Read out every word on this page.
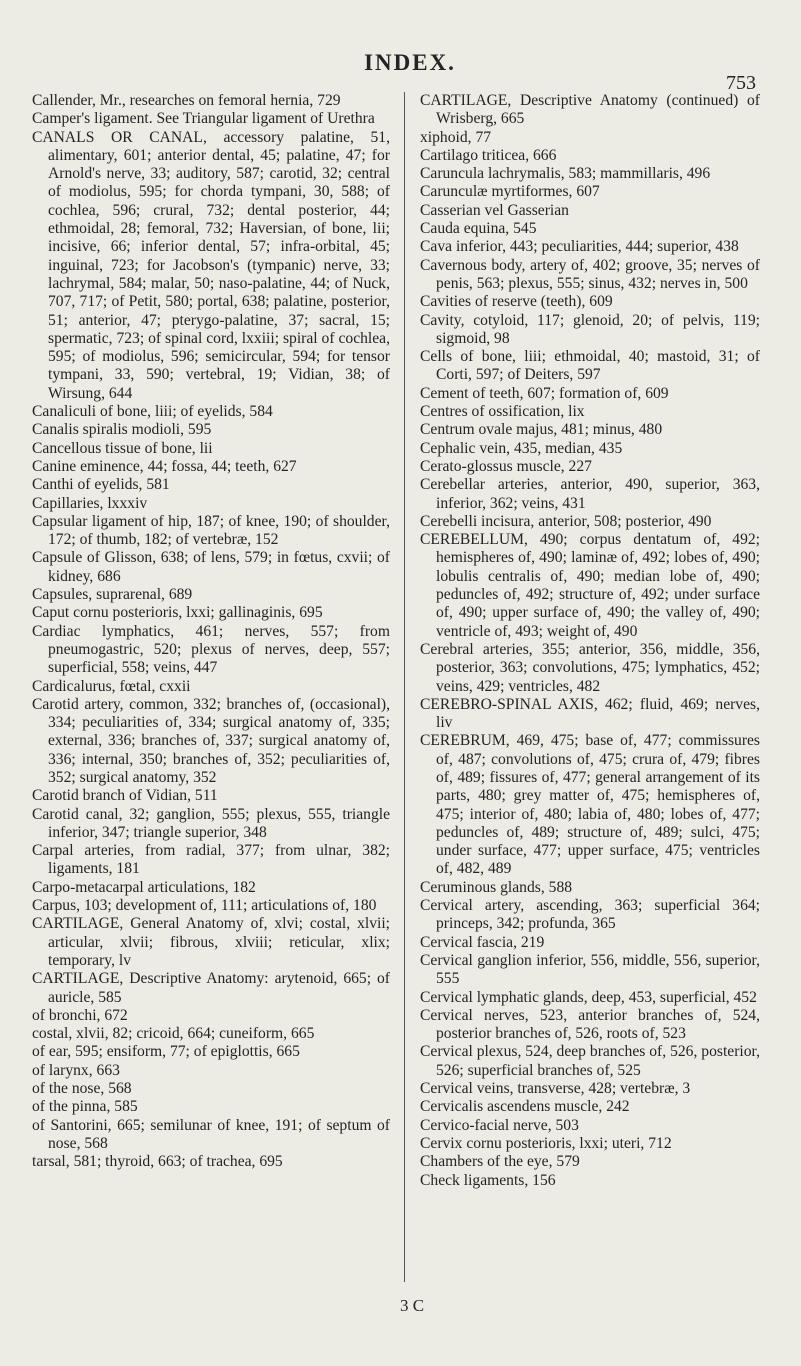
INDEX.
753

Callender, Mr., researches on femoral hernia, 729

Camper's ligament. See Triangular ligament of Urethra

CANALS OR CANAL, accessory palatine, 51, alimentary, 601; anterior dental, 45; palatine, 47; for Arnold's nerve, 33; auditory, 587; carotid, 32; central of modiolus, 595; for chorda tympani, 30, 588; of cochlea, 596; crural, 732; dental posterior, 44; ethmoidal, 28; femoral, 732; Haversian, of bone, lii; incisive, 66; inferior dental, 57; infra-orbital, 45; inguinal, 723; for Jacobson's (tympanic) nerve, 33; lachrymal, 584; malar, 50; naso-palatine, 44; of Nuck, 707, 717; of Petit, 580; portal, 638; palatine, posterior, 51; anterior, 47; pterygo-palatine, 37; sacral, 15; spermatic, 723; of spinal cord, lxxiii; spiral of cochlea, 595; of modiolus, 596; semicircular, 594; for tensor tympani, 33, 590; vertebral, 19; Vidian, 38; of Wirsung, 644

Canaliculi of bone, liii; of eyelids, 584

Canalis spiralis modioli, 595

Cancellous tissue of bone, lii

Canine eminence, 44; fossa, 44; teeth, 627

Canthi of eyelids, 581

Capillaries, lxxxiv

Capsular ligament of hip, 187; of knee, 190; of shoulder, 172; of thumb, 182; of vertebræ, 152

Capsule of Glisson, 638; of lens, 579; in fœtus, cxvii; of kidney, 686

Capsules, suprarenal, 689

Caput cornu posterioris, lxxi; gallinaginis, 695

Cardiac lymphatics, 461; nerves, 557; from pneumogastric, 520; plexus of nerves, deep, 557; superficial, 558; veins, 447

Cardicalurus, fœtal, cxxii

Carotid artery, common, 332; branches of, (occasional), 334; peculiarities of, 334; surgical anatomy of, 335; external, 336; branches of, 337; surgical anatomy of, 336; internal, 350; branches of, 352; peculiarities of, 352; surgical anatomy, 352

Carotid branch of Vidian, 511

Carotid canal, 32; ganglion, 555; plexus, 555, triangle inferior, 347; triangle superior, 348

Carpal arteries, from radial, 377; from ulnar, 382; ligaments, 181

Carpo-metacarpal articulations, 182

Carpus, 103; development of, 111; articulations of, 180

CARTILAGE, General Anatomy of, xlvi; costal, xlvii; articular, xlvii; fibrous, xlviii; reticular, xlix; temporary, lv

CARTILAGE, Descriptive Anatomy: arytenoid, 665; of auricle, 585

of bronchi, 672

costal, xlvii, 82; cricoid, 664; cuneiform, 665

of ear, 595; ensiform, 77; of epiglottis, 665

of larynx, 663

of the nose, 568

of the pinna, 585

of Santorini, 665; semilunar of knee, 191; of septum of nose, 568

tarsal, 581; thyroid, 663; of trachea, 695

CARTILAGE, Descriptive Anatomy (continued) of Wrisberg, 665

xiphoid, 77

Cartilago triticea, 666

Caruncula lachrymalis, 583; mammillaris, 496

Carunculæ myrtiformes, 607

Casserian vel Gasserian

Cauda equina, 545

Cava inferior, 443; peculiarities, 444; superior, 438

Cavernous body, artery of, 402; groove, 35; nerves of penis, 563; plexus, 555; sinus, 432; nerves in, 500

Cavities of reserve (teeth), 609

Cavity, cotyloid, 117; glenoid, 20; of pelvis, 119; sigmoid, 98

Cells of bone, liii; ethmoidal, 40; mastoid, 31; of Corti, 597; of Deiters, 597

Cement of teeth, 607; formation of, 609

Centres of ossification, lix

Centrum ovale majus, 481; minus, 480

Cephalic vein, 435, median, 435

Cerato-glossus muscle, 227

Cerebellar arteries, anterior, 490, superior, 363, inferior, 362; veins, 431

Cerebelli incisura, anterior, 508; posterior, 490

CEREBELLUM, 490; corpus dentatum of, 492; hemispheres of, 490; laminæ of, 492; lobes of, 490; lobulis centralis of, 490; median lobe of, 490; peduncles of, 492; structure of, 492; under surface of, 490; upper surface of, 490; the valley of, 490; ventricle of, 493; weight of, 490

Cerebral arteries, 355; anterior, 356, middle, 356, posterior, 363; convolutions, 475; lymphatics, 452; veins, 429; ventricles, 482

CEREBRO-SPINAL AXIS, 462; fluid, 469; nerves, liv

CEREBRUM, 469, 475; base of, 477; commissures of, 487; convolutions of, 475; crura of, 479; fibres of, 489; fissures of, 477; general arrangement of its parts, 480; grey matter of, 475; hemispheres of, 475; interior of, 480; labia of, 480; lobes of, 477; peduncles of, 489; structure of, 489; sulci, 475; under surface, 477; upper surface, 475; ventricles of, 482, 489

Ceruminous glands, 588

Cervical artery, ascending, 363; superficial 364; princeps, 342; profunda, 365

Cervical fascia, 219

Cervical ganglion inferior, 556, middle, 556, superior, 555

Cervical lymphatic glands, deep, 453, superficial, 452

Cervical nerves, 523, anterior branches of, 524, posterior branches of, 526, roots of, 523

Cervical plexus, 524, deep branches of, 526, posterior, 526; superficial branches of, 525

Cervical veins, transverse, 428; vertebræ, 3

Cervicalis ascendens muscle, 242

Cervico-facial nerve, 503

Cervix cornu posterioris, lxxi; uteri, 712

Chambers of the eye, 579

Check ligaments, 156

3 C
